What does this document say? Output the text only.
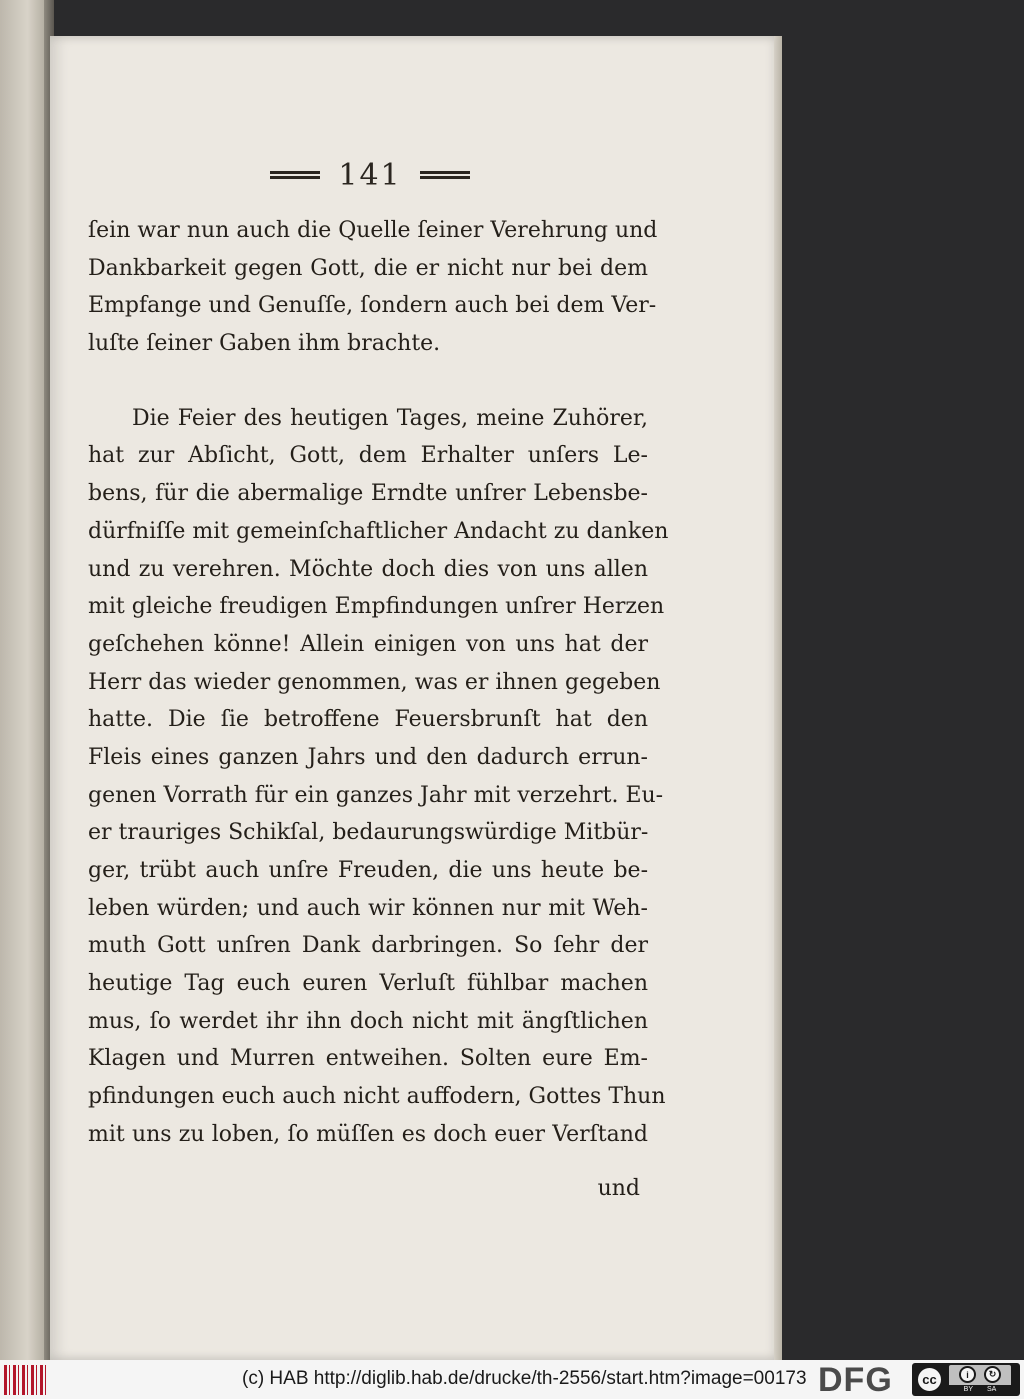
141
ſein war nun auch die Quelle ſeiner Verehrung und
Dankbarkeit gegen Gott, die er nicht nur bei dem
Empfange und Genuſſe, ſondern auch bei dem Ver-
luſte ſeiner Gaben ihm brachte.
Die Feier des heutigen Tages, meine Zuhörer,
hat zur Abſicht, Gott, dem Erhalter unſers Le-
bens, für die abermalige Erndte unſrer Lebensbe-
dürfniſſe mit gemeinſchaftlicher Andacht zu danken
und zu verehren. Möchte doch dies von uns allen
mit gleiche freudigen Empfindungen unſrer Herzen
geſchehen könne! Allein einigen von uns hat der
Herr das wieder genommen, was er ihnen gegeben
hatte. Die ſie betroffene Feuersbrunſt hat den
Fleis eines ganzen Jahrs und den dadurch errun-
genen Vorrath für ein ganzes Jahr mit verzehrt. Eu-
er trauriges Schikſal, bedaurungswürdige Mitbür-
ger, trübt auch unſre Freuden, die uns heute be-
leben würden; und auch wir können nur mit Weh-
muth Gott unſren Dank darbringen. So ſehr der
heutige Tag euch euren Verluſt fühlbar machen
mus, ſo werdet ihr ihn doch nicht mit ängſtlichen
Klagen und Murren entweihen. Solten eure Em-
pfindungen euch auch nicht auffodern, Gottes Thun
mit uns zu loben, ſo müſſen es doch euer Verſtand
und
(c) HAB http://diglib.hab.de/drucke/th-2556/start.htm?image=00173 DFG	cc	i	↻
BY SA
